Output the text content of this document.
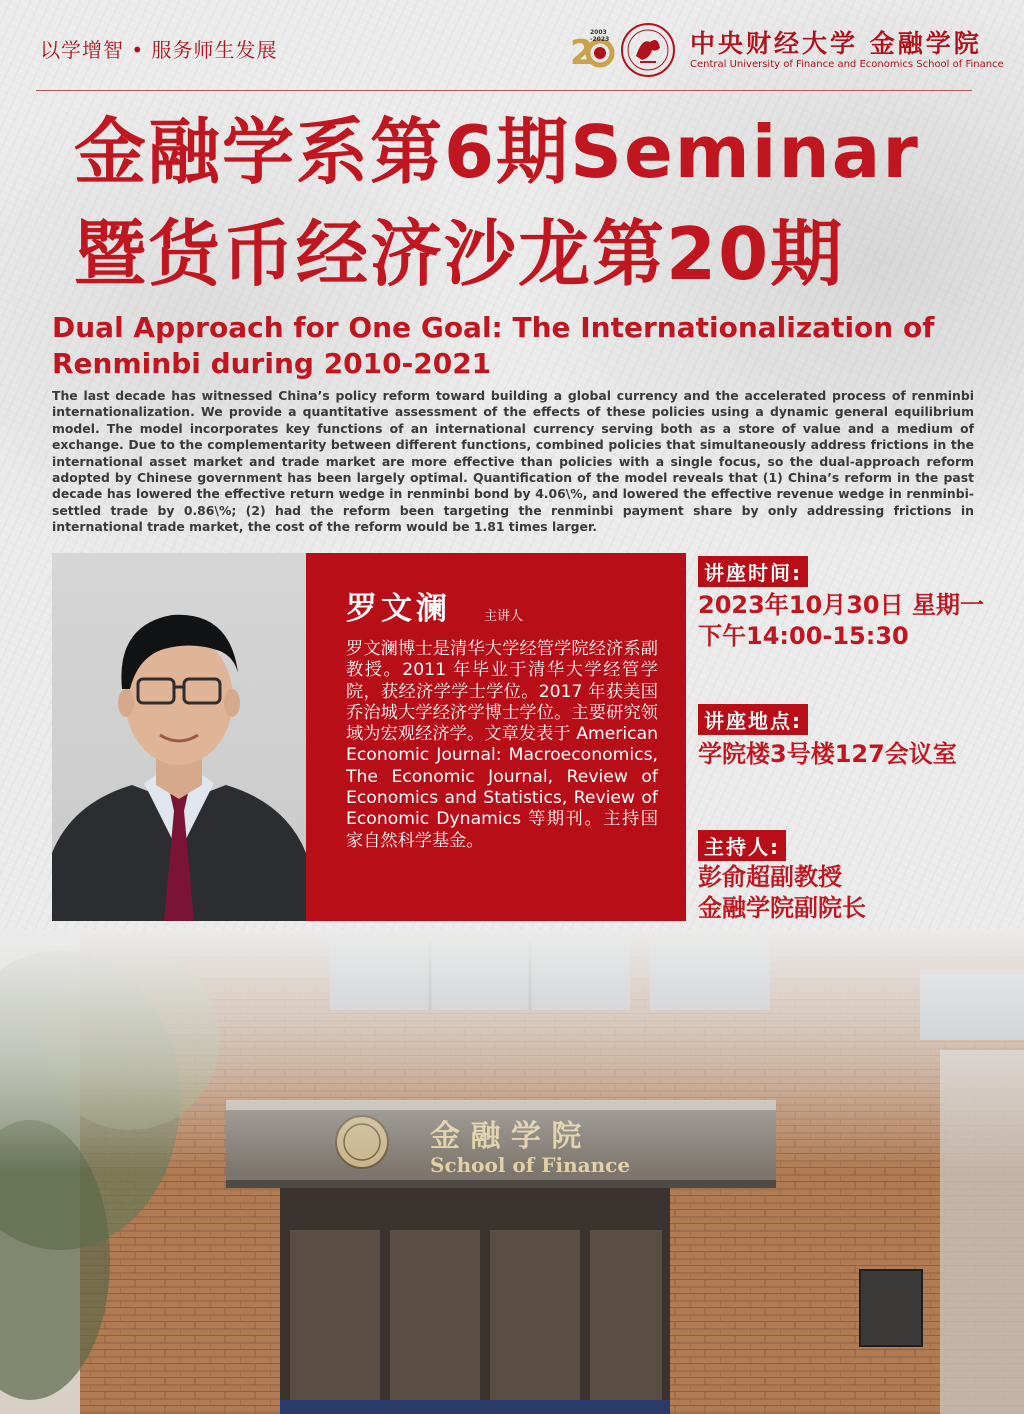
以学增智 • 服务师生发展	2
2003
-2023	中央财经大学 金融学院
Central University of Finance and Economics School of Finance
金融学系第6期Seminar
暨货币经济沙龙第20期
Dual Approach for One Goal: The Internationalization of Renminbi during 2010-2021
The last decade has witnessed China’s policy reform toward building a global currency and the accelerated process of renminbi internationalization. We provide a quantitative assessment of the effects of these policies using a dynamic general equilibrium model. The model incorporates key functions of an international currency serving both as a store of value and a medium of exchange. Due to the complementarity between different functions, combined policies that simultaneously address frictions in the international asset market and trade market are more effective than policies with a single focus, so the dual-approach reform adopted by Chinese government has been largely optimal. Quantification of the model reveals that (1) China’s reform in the past decade has lowered the effective return wedge in renminbi bond by 4.06\%, and lowered the effective revenue wedge in renminbi-settled trade by 0.86\%; (2) had the reform been targeting the renminbi payment share by only addressing frictions in international trade market, the cost of the reform would be 1.81 times larger.
罗文澜	主讲人
罗文澜博士是清华大学经管学院经济系副教授。2011 年毕业于清华大学经管学院，获经济学学士学位。2017 年获美国乔治城大学经济学博士学位。主要研究领域为宏观经济学。文章发表于 American Economic Journal: Macroeconomics, The Economic Journal, Review of Economics and Statistics, Review of Economic Dynamics 等期刊。主持国家自然科学基金。
讲座时间:
2023年10月30日 星期一
下午14:00-15:30
讲座地点:
学院楼3号楼127会议室
主持人:
彭俞超副教授
金融学院副院长
